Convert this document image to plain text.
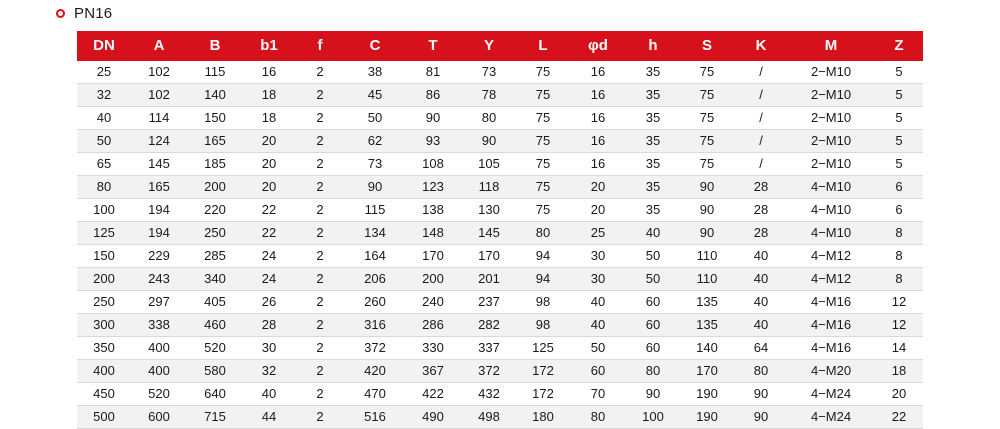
PN16
DN	A	B	b1	f	C	T	Y	L	φd	h	S	K	M	Z
25	102	115	16	2	38	81	73	75	16	35	75	/	2−M10	5
32	102	140	18	2	45	86	78	75	16	35	75	/	2−M10	5
40	114	150	18	2	50	90	80	75	16	35	75	/	2−M10	5
50	124	165	20	2	62	93	90	75	16	35	75	/	2−M10	5
65	145	185	20	2	73	108	105	75	16	35	75	/	2−M10	5
80	165	200	20	2	90	123	118	75	20	35	90	28	4−M10	6
100	194	220	22	2	115	138	130	75	20	35	90	28	4−M10	6
125	194	250	22	2	134	148	145	80	25	40	90	28	4−M10	8
150	229	285	24	2	164	170	170	94	30	50	110	40	4−M12	8
200	243	340	24	2	206	200	201	94	30	50	110	40	4−M12	8
250	297	405	26	2	260	240	237	98	40	60	135	40	4−M16	12
300	338	460	28	2	316	286	282	98	40	60	135	40	4−M16	12
350	400	520	30	2	372	330	337	125	50	60	140	64	4−M16	14
400	400	580	32	2	420	367	372	172	60	80	170	80	4−M20	18
450	520	640	40	2	470	422	432	172	70	90	190	90	4−M24	20
500	600	715	44	2	516	490	498	180	80	100	190	90	4−M24	22
